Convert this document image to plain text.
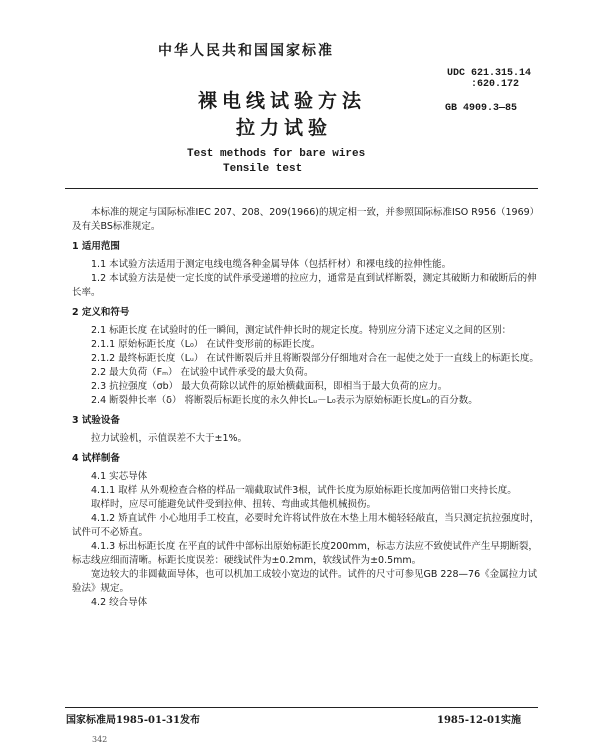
中华人民共和国国家标准
UDC 621.315.14
:620.172
GB 4909.3—85
裸电线试验方法
拉力试验
Test methods for bare wires
Tensile test

本标准的规定与国际标准IEC 207、208、209(1966)的规定相一致，并参照国际标准ISO R956（1969）及有关BS标准规定。

1 适用范围

1.1 本试验方法适用于测定电线电缆各种金属导体（包括杆材）和裸电线的拉伸性能。

1.2 本试验方法是使一定长度的试件承受递增的拉应力，通常是直到试样断裂，测定其破断力和破断后的伸长率。

2 定义和符号

2.1 标距长度 在试验时的任一瞬间，测定试件伸长时的规定长度。特别应分清下述定义之间的区别：

2.1.1 原始标距长度（L₀） 在试件变形前的标距长度。

2.1.2 最终标距长度（Lᵤ） 在试件断裂后并且将断裂部分仔细地对合在一起使之处于一直线上的标距长度。

2.2 最大负荷（Fₘ） 在试验中试件承受的最大负荷。

2.3 抗拉强度（σb） 最大负荷除以试件的原始横截面积，即相当于最大负荷的应力。

2.4 断裂伸长率（δ） 将断裂后标距长度的永久伸长Lᵤ－L₀表示为原始标距长度L₀的百分数。

3 试验设备

拉力试验机，示值误差不大于±1%。

4 试样制备

4.1 实芯导体

4.1.1 取样 从外观检查合格的样品一端截取试件3根，试件长度为原始标距长度加两倍钳口夹持长度。

取样时，应尽可能避免试件受到拉伸、扭转、弯曲或其他机械损伤。

4.1.2 矫直试件 小心地用手工校直，必要时允许将试件放在木垫上用木槌轻轻敲直，当只测定抗拉强度时，试件可不必矫直。

4.1.3 标出标距长度 在平直的试件中部标出原始标距长度200mm，标志方法应不致使试件产生早期断裂，标志线应细而清晰。标距长度误差：硬线试件为±0.2mm，软线试件为±0.5mm。

宽边较大的非圆截面导体，也可以机加工成较小宽边的试件。试件的尺寸可参见GB 228—76《金属拉力试验法》规定。

4.2 绞合导体

国家标准局1985-01-31发布	1985-12-01实施
342
